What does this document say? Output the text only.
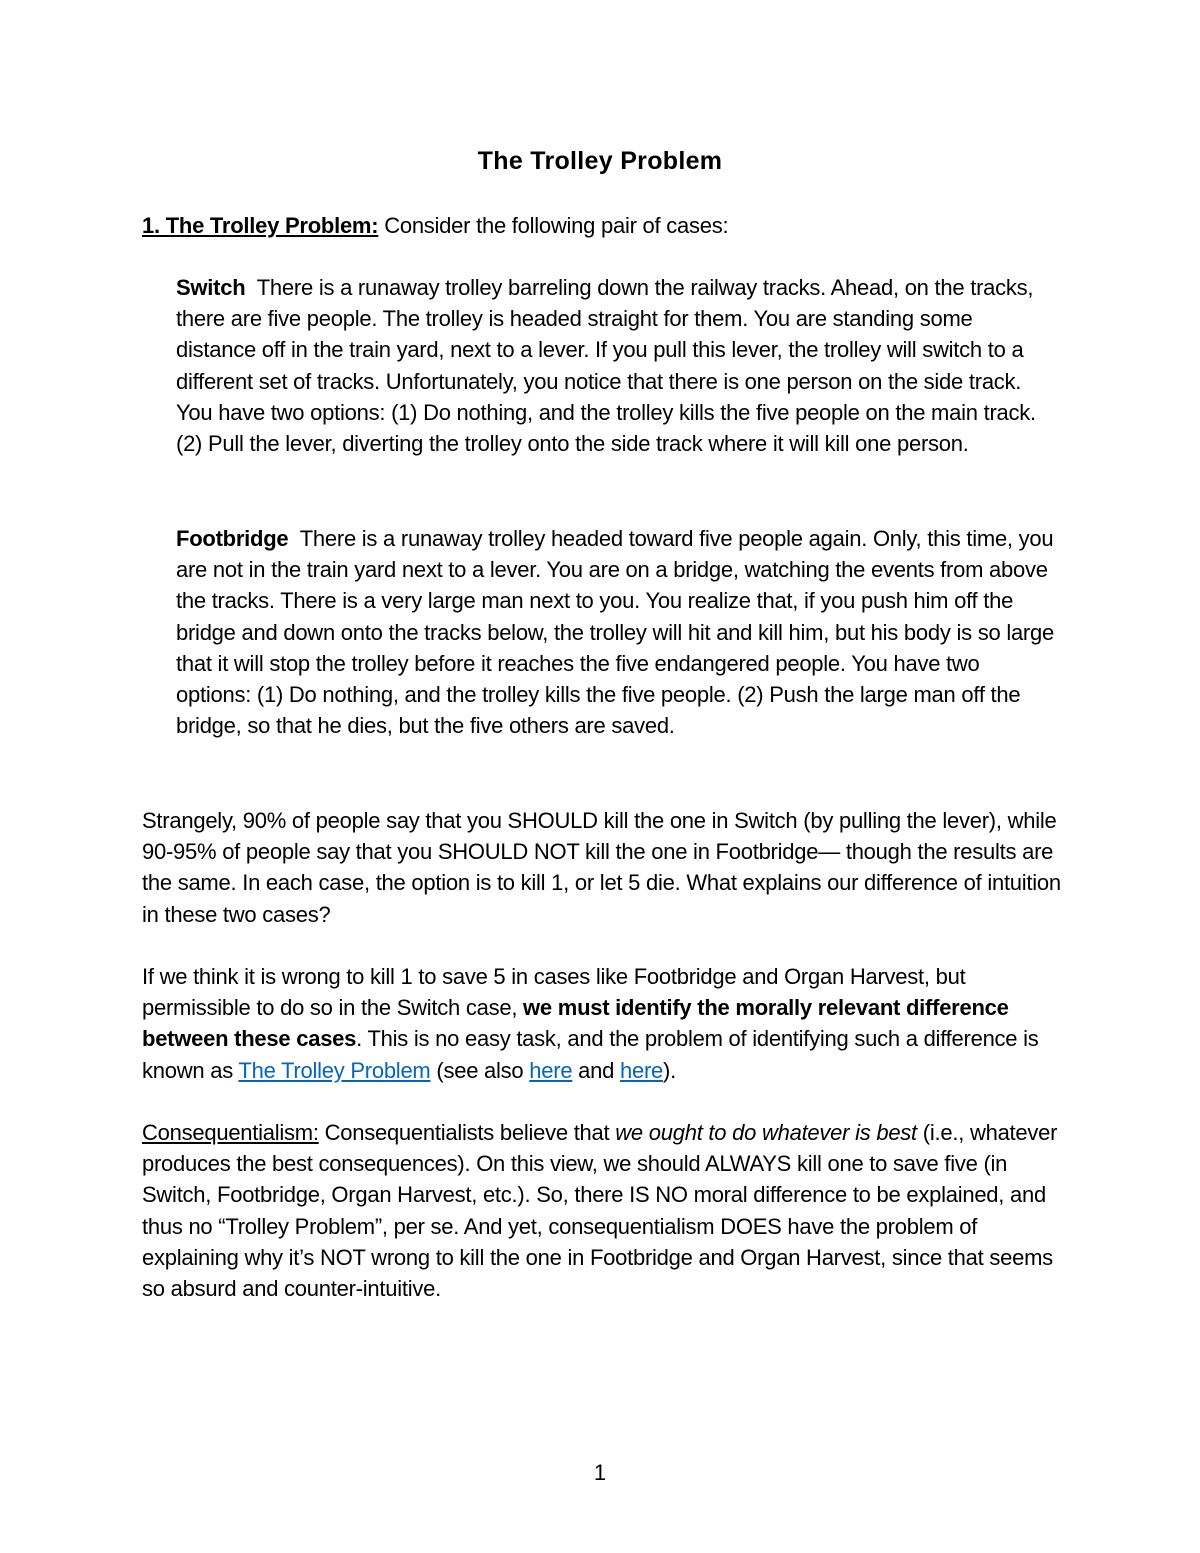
The Trolley Problem
1. The Trolley Problem: Consider the following pair of cases:
Switch  There is a runaway trolley barreling down the railway tracks. Ahead, on the tracks, there are five people. The trolley is headed straight for them. You are standing some distance off in the train yard, next to a lever. If you pull this lever, the trolley will switch to a different set of tracks. Unfortunately, you notice that there is one person on the side track. You have two options: (1) Do nothing, and the trolley kills the five people on the main track. (2) Pull the lever, diverting the trolley onto the side track where it will kill one person.
Footbridge  There is a runaway trolley headed toward five people again. Only, this time, you are not in the train yard next to a lever. You are on a bridge, watching the events from above the tracks. There is a very large man next to you. You realize that, if you push him off the bridge and down onto the tracks below, the trolley will hit and kill him, but his body is so large that it will stop the trolley before it reaches the five endangered people. You have two options: (1) Do nothing, and the trolley kills the five people. (2) Push the large man off the bridge, so that he dies, but the five others are saved.
Strangely, 90% of people say that you SHOULD kill the one in Switch (by pulling the lever), while 90-95% of people say that you SHOULD NOT kill the one in Footbridge— though the results are the same. In each case, the option is to kill 1, or let 5 die. What explains our difference of intuition in these two cases?
If we think it is wrong to kill 1 to save 5 in cases like Footbridge and Organ Harvest, but permissible to do so in the Switch case, we must identify the morally relevant difference between these cases. This is no easy task, and the problem of identifying such a difference is known as The Trolley Problem (see also here and here).
Consequentialism: Consequentialists believe that we ought to do whatever is best (i.e., whatever produces the best consequences). On this view, we should ALWAYS kill one to save five (in Switch, Footbridge, Organ Harvest, etc.). So, there IS NO moral difference to be explained, and thus no “Trolley Problem”, per se. And yet, consequentialism DOES have the problem of explaining why it’s NOT wrong to kill the one in Footbridge and Organ Harvest, since that seems so absurd and counter-intuitive.
1
